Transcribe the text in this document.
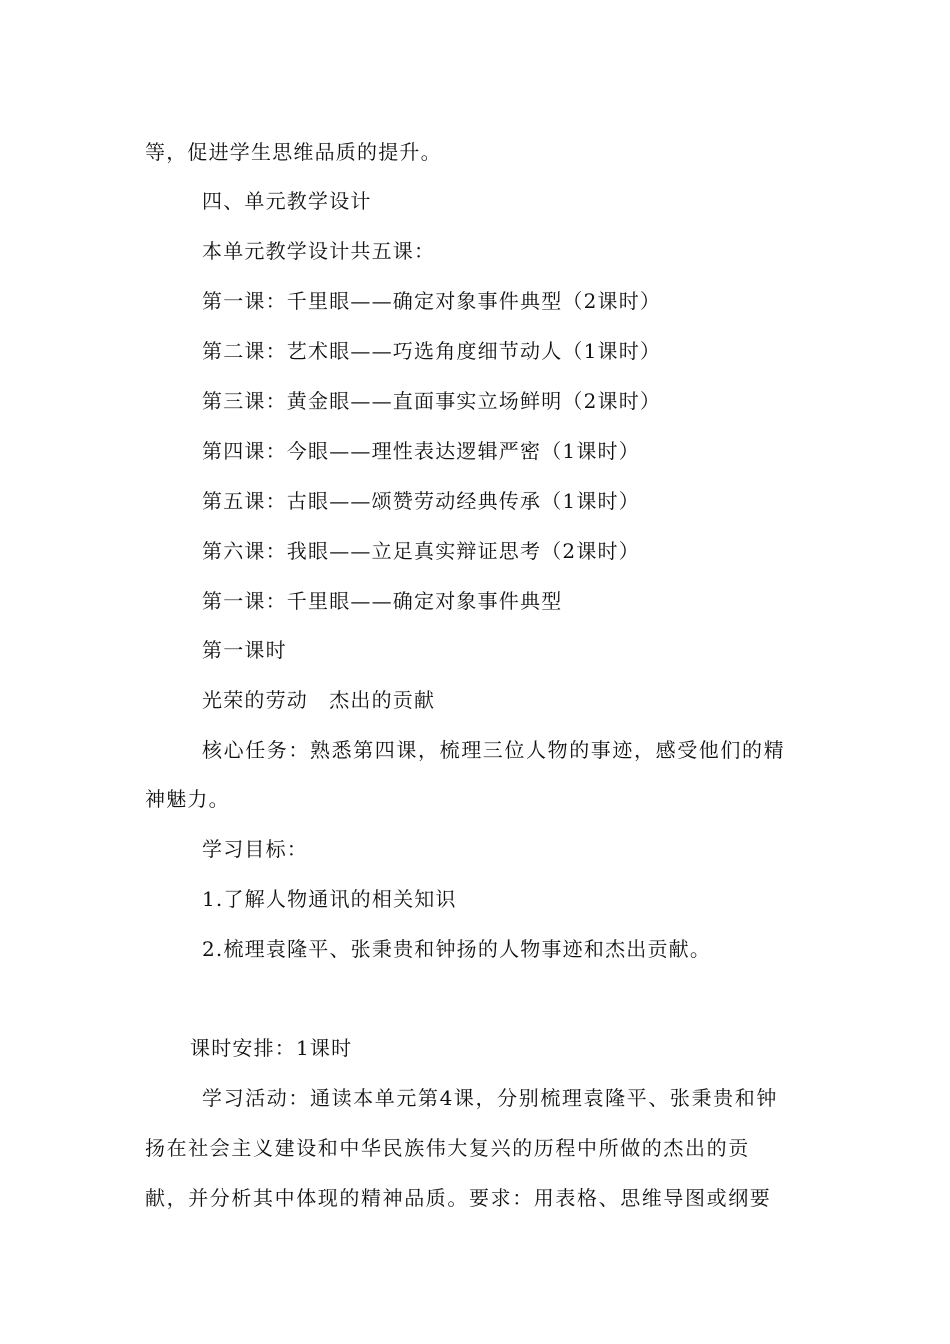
等，促进学生思维品质的提升。
四、单元教学设计
本单元教学设计共五课：
第一课：千里眼——确定对象事件典型（2课时）
第二课：艺术眼——巧选角度细节动人（1课时）
第三课：黄金眼——直面事实立场鲜明（2课时）
第四课：今眼——理性表达逻辑严密（1课时）
第五课：古眼——颂赞劳动经典传承（1课时）
第六课：我眼——立足真实辩证思考（2课时）
第一课：千里眼——确定对象事件典型
第一课时
光荣的劳动　杰出的贡献
核心任务：熟悉第四课，梳理三位人物的事迹，感受他们的精
神魅力。
学习目标：
1.了解人物通讯的相关知识
2.梳理袁隆平、张秉贵和钟扬的人物事迹和杰出贡献。
课时安排：1课时
学习活动：通读本单元第4课，分别梳理袁隆平、张秉贵和钟
扬在社会主义建设和中华民族伟大复兴的历程中所做的杰出的贡
献，并分析其中体现的精神品质。要求：用表格、思维导图或纲要
